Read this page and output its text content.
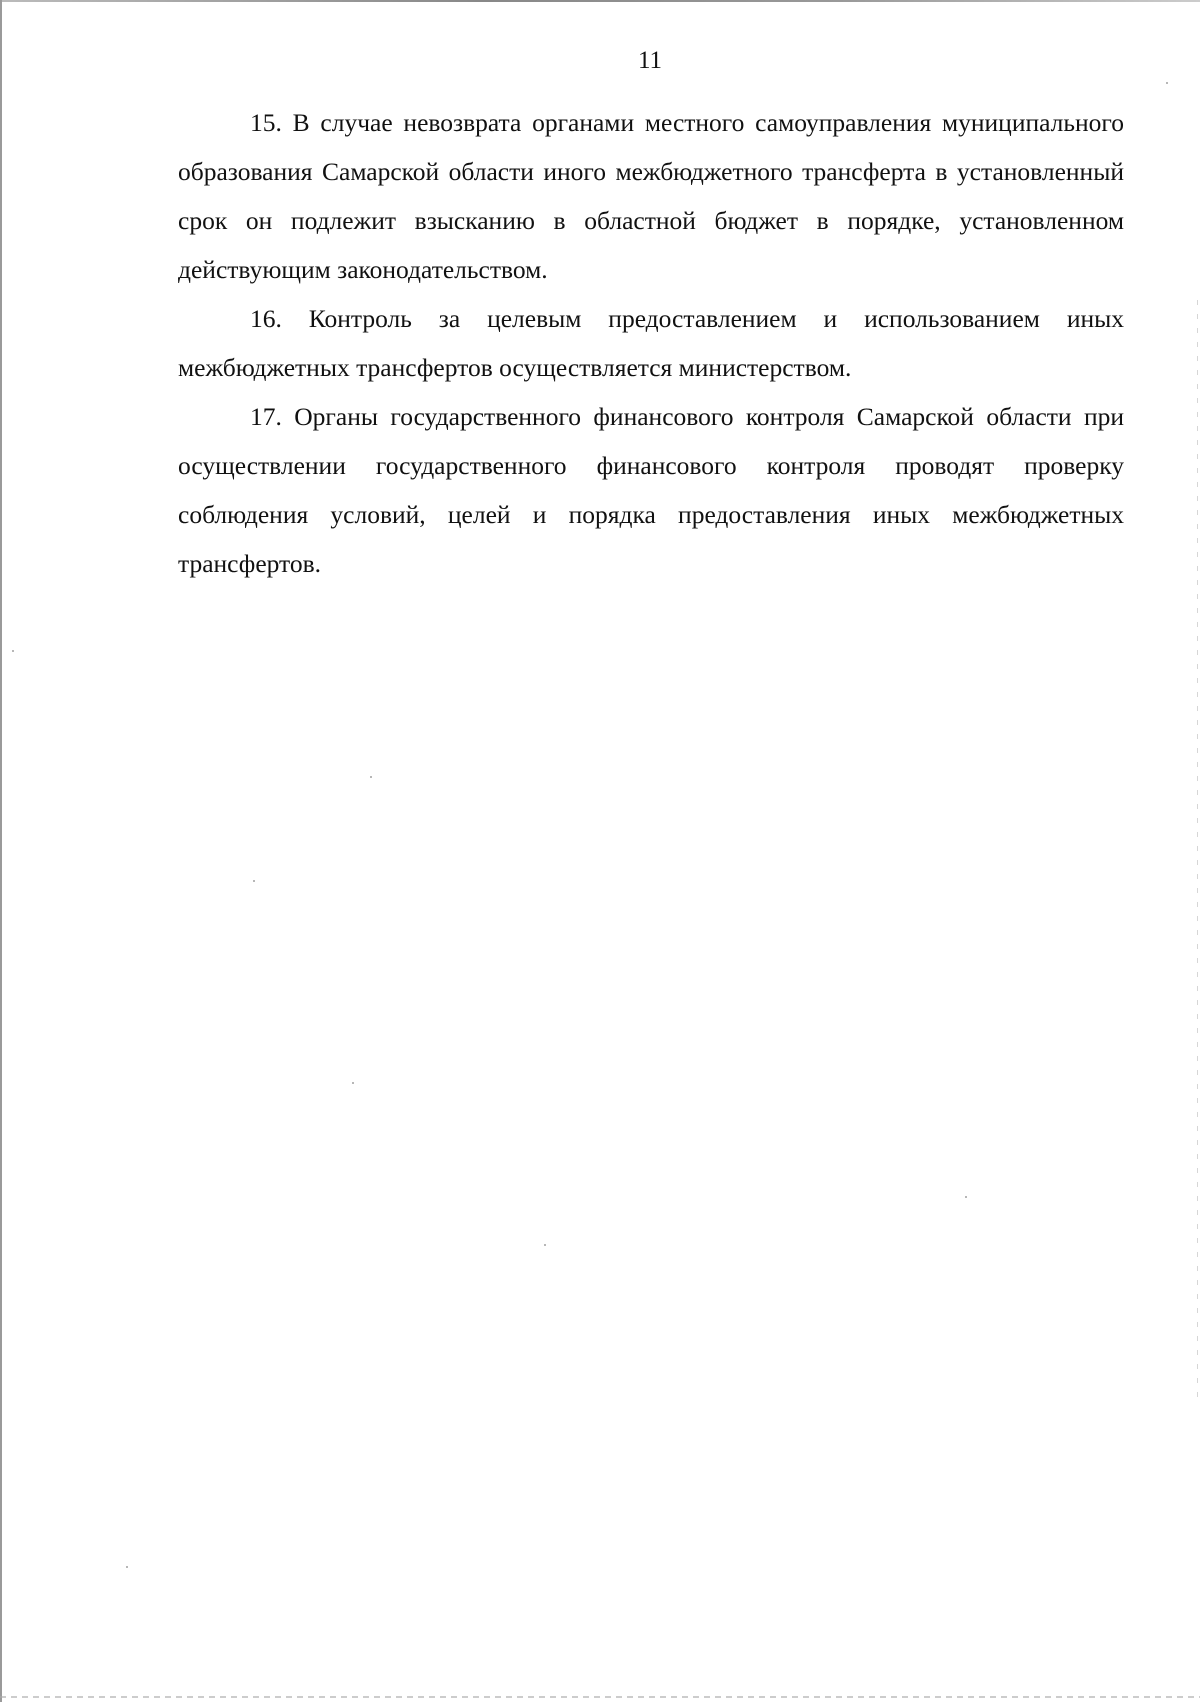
11

15. В случае невозврата органами местного самоуправления муниципального образования Самарской области иного межбюджетного трансферта в установленный срок он подлежит взысканию в областной бюджет в порядке, установленном действующим законодательством.

16. Контроль за целевым предоставлением и использованием иных межбюджетных трансфертов осуществляется министерством.

17. Органы государственного финансового контроля Самарской области при осуществлении государственного финансового контроля проводят проверку соблюдения условий, целей и порядка предоставления иных межбюджетных трансфертов.
